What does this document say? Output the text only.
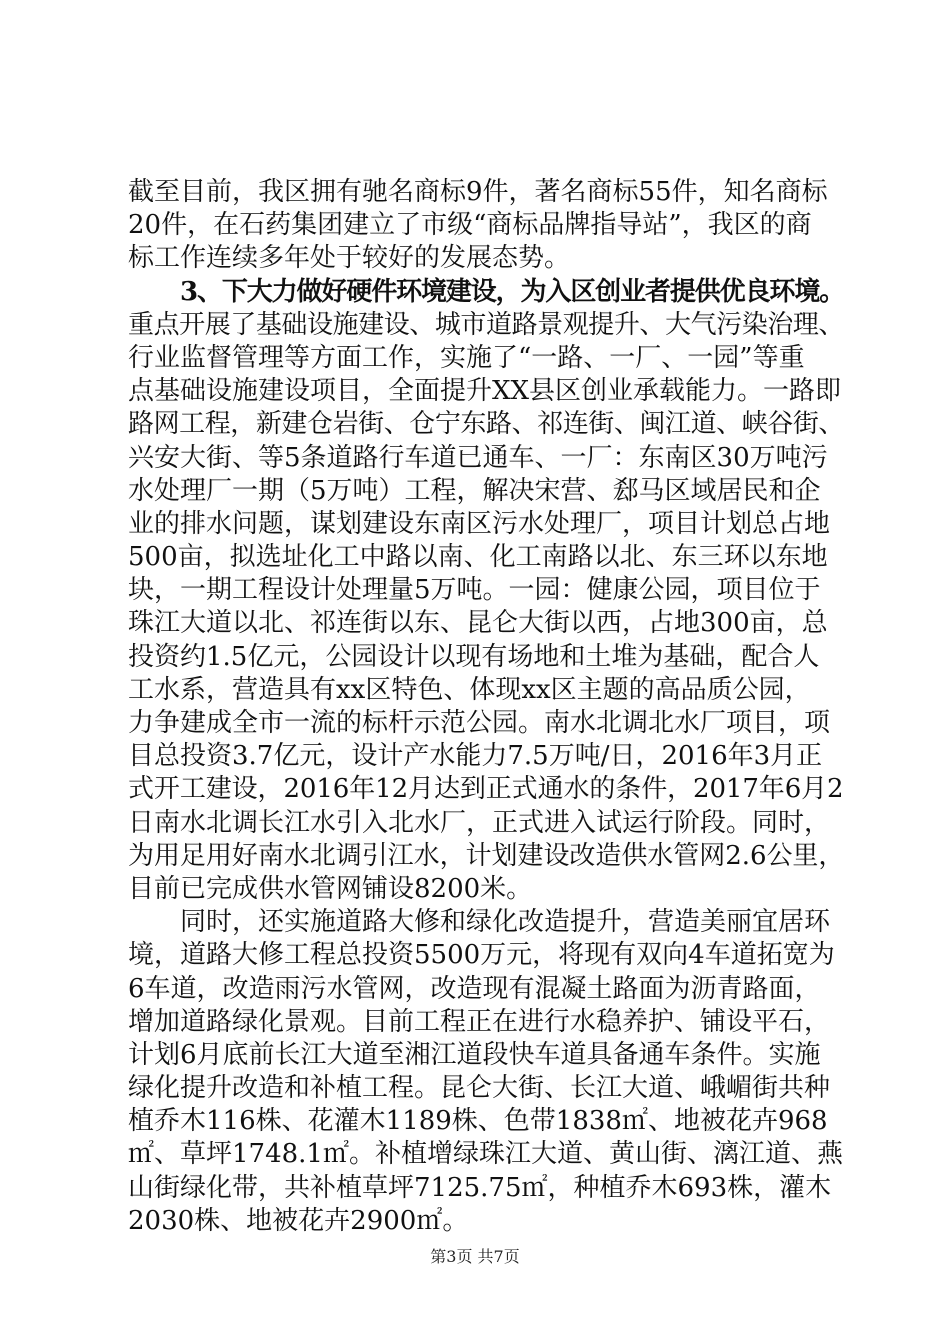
截至目前，我区拥有驰名商标9件，著名商标55件，知名商标
20件，在石药集团建立了市级“商标品牌指导站”，我区的商
标工作连续多年处于较好的发展态势。
3、下大力做好硬件环境建设，为入区创业者提供优良环境。
重点开展了基础设施建设、城市道路景观提升、大气污染治理、
行业监督管理等方面工作，实施了“一路、一厂、一园”等重
点基础设施建设项目，全面提升XX县区创业承载能力。一路即
路网工程，新建仓岩街、仓宁东路、祁连街、闽江道、峡谷街、
兴安大街、等5条道路行车道已通车、一厂：东南区30万吨污
水处理厂一期（5万吨）工程，解决宋营、郄马区域居民和企
业的排水问题，谋划建设东南区污水处理厂，项目计划总占地
500亩，拟选址化工中路以南、化工南路以北、东三环以东地
块，一期工程设计处理量5万吨。一园：健康公园，项目位于
珠江大道以北、祁连街以东、昆仑大街以西，占地300亩，总
投资约1.5亿元，公园设计以现有场地和土堆为基础，配合人
工水系，营造具有xx区特色、体现xx区主题的高品质公园，
力争建成全市一流的标杆示范公园。南水北调北水厂项目，项
目总投资3.7亿元，设计产水能力7.5万吨/日，2016年3月正
式开工建设，2016年12月达到正式通水的条件，2017年6月2
日南水北调长江水引入北水厂，正式进入试运行阶段。同时，
为用足用好南水北调引江水，计划建设改造供水管网2.6公里，
目前已完成供水管网铺设8200米。
同时，还实施道路大修和绿化改造提升，营造美丽宜居环
境，道路大修工程总投资5500万元，将现有双向4车道拓宽为
6车道，改造雨污水管网，改造现有混凝土路面为沥青路面，
增加道路绿化景观。目前工程正在进行水稳养护、铺设平石，
计划6月底前长江大道至湘江道段快车道具备通车条件。实施
绿化提升改造和补植工程。昆仑大街、长江大道、峨嵋街共种
植乔木116株、花灌木1189株、色带1838㎡、地被花卉968
㎡、草坪1748.1㎡。补植增绿珠江大道、黄山街、漓江道、燕
山街绿化带，共补植草坪7125.75㎡，种植乔木693株，灌木
2030株、地被花卉2900㎡。
第3页 共7页
